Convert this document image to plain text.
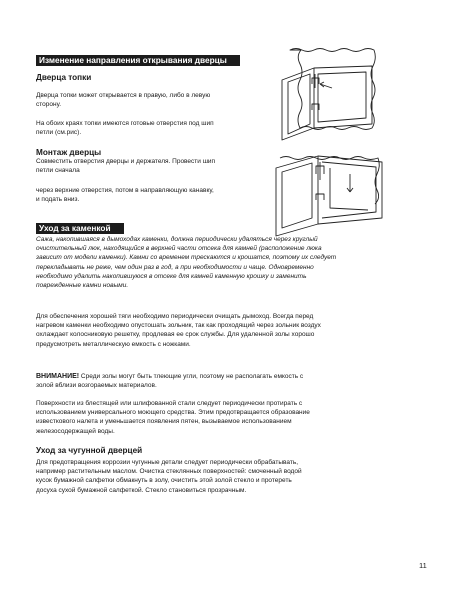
Изменение направления открывания дверцы
Дверца топки
Дверца топки может открывается в правую, либо в левую
сторону.
На обоих краях топки имеются готовые отверстия под шип
петли (см.рис).
Монтаж дверцы
Совместить отверстия дверцы и держателя. Провести шип
петли сначала
через верхние отверстия, потом в направляющую канавку,
и подать вниз.
Уход за каменкой
Сажа, накопившаяся в дымоходах каменки, должна периодически удаляться через круглый
очистительный люк, находящийся в верхней части отсека для камней (расположение люка
зависит от модели каменки). Камни со временем трескаются и крошатся, поэтому их следует
перекладывать не реже, чем один раз в год, а при необходимости и чаще. Одновременно
необходимо удалить накопившуюся в отсеке для камней каменную крошку и заменить
поврежденные камни новыми.
Для обеспечения хорошей тяги необходимо периодически очищать дымоход. Всегда перед
нагревом каменки необходимо опустошать зольник, так как проходящий через зольник воздух
охлаждает колосниковую решетку, продлевая ее срок службы. Для удаленной золы хорошо
предусмотреть металлическую емкость с ножками.
ВНИМАНИЕ! Среди золы могут быть тлеющие угли, поэтому не располагать емкость с
золой вблизи возгораемых материалов.
Поверхности из блестящей или шлифованной стали следует периодически протирать с
использованием универсального моющего средства. Этим предотвращается образование
известкового налета и уменьшается появления пятен, вызываемое использованием
железосодержащей воды.
Уход за чугунной дверцей
Для предотвращения коррозии чугунные детали следует периодически обрабатывать,
например растительным маслом. Очистка стеклянных поверхностей: смоченный водой
кусок бумажной салфетки обмакнуть в золу, очистить этой золой стекло и протереть
досуха сухой бумажной салфеткой. Стекло становиться прозрачным.
11
